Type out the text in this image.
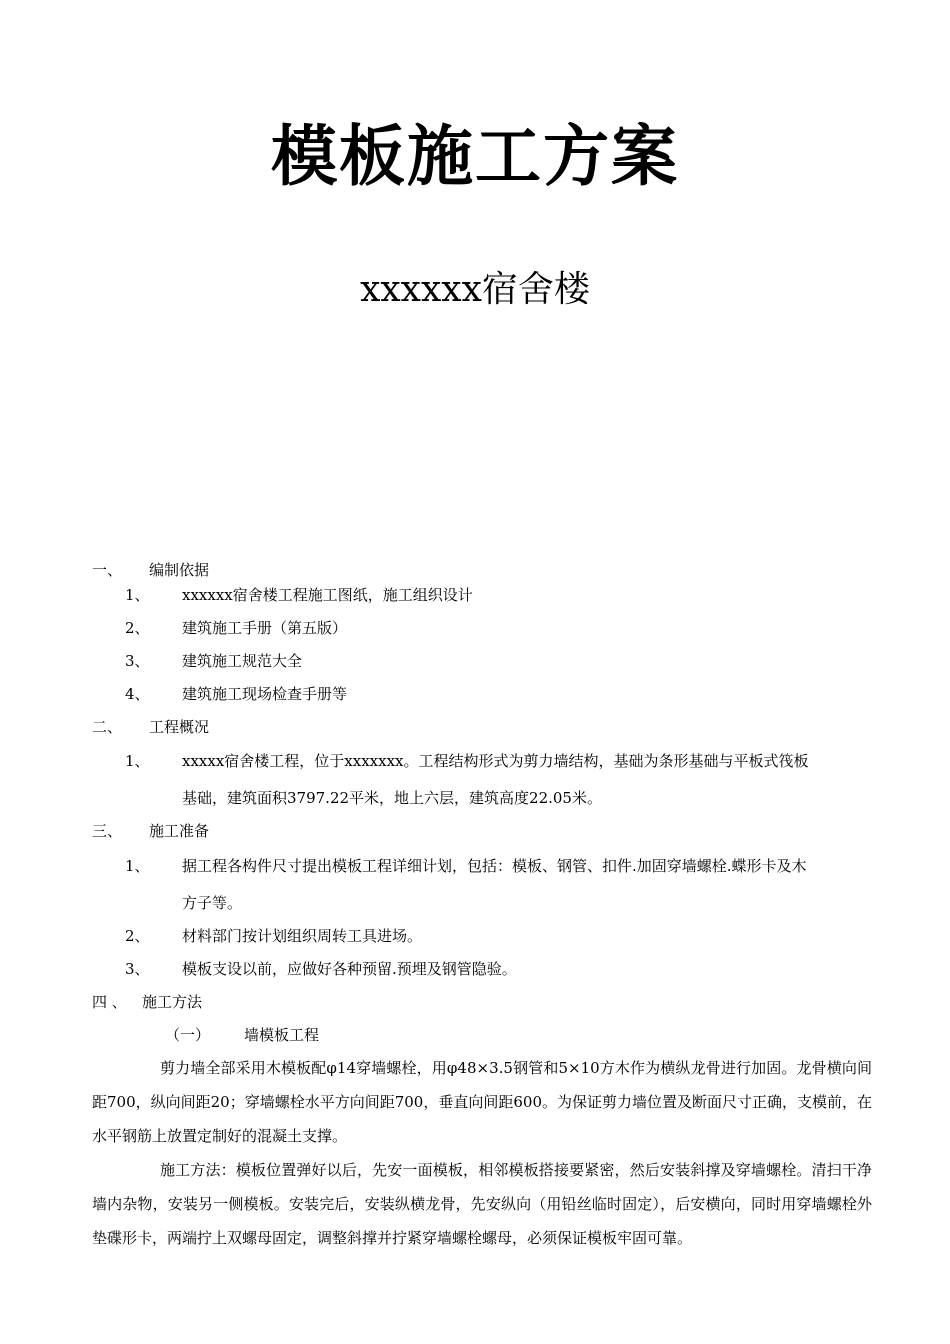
模板施工方案
xxxxxx宿舍楼
一、 编制依据
1、 xxxxxx宿舍楼工程施工图纸，施工组织设计
2、 建筑施工手册（第五版）
3、 建筑施工规范大全
4、 建筑施工现场检查手册等
二、 工程概况
1、 xxxxx宿舍楼工程，位于xxxxxxx。工程结构形式为剪力墙结构，基础为条形基础与平板式筏板
基础，建筑面积3797.22平米，地上六层，建筑高度22.05米。
三、 施工准备
1、 据工程各构件尺寸提出模板工程详细计划，包括：模板、钢管、扣件.加固穿墙螺栓.蝶形卡及木
方子等。
2、 材料部门按计划组织周转工具进场。
3、 模板支设以前，应做好各种预留.预埋及钢管隐验。
四 、 施工方法
（一） 墙模板工程
剪力墙全部采用木模板配φ14穿墙螺栓，用φ48×3.5钢管和5×10方木作为横纵龙骨进行加固。龙骨横向间距700，纵向间距20；穿墙螺栓水平方向间距700，垂直向间距600。为保证剪力墙位置及断面尺寸正确，支模前，在水平钢筋上放置定制好的混凝土支撑。
施工方法：模板位置弹好以后，先安一面模板，相邻模板搭接要紧密，然后安装斜撑及穿墙螺栓。清扫干净墙内杂物，安装另一侧模板。安装完后，安装纵横龙骨，先安纵向（用铅丝临时固定），后安横向，同时用穿墙螺栓外垫碟形卡，两端拧上双螺母固定，调整斜撑并拧紧穿墙螺栓螺母，必须保证模板牢固可靠。
